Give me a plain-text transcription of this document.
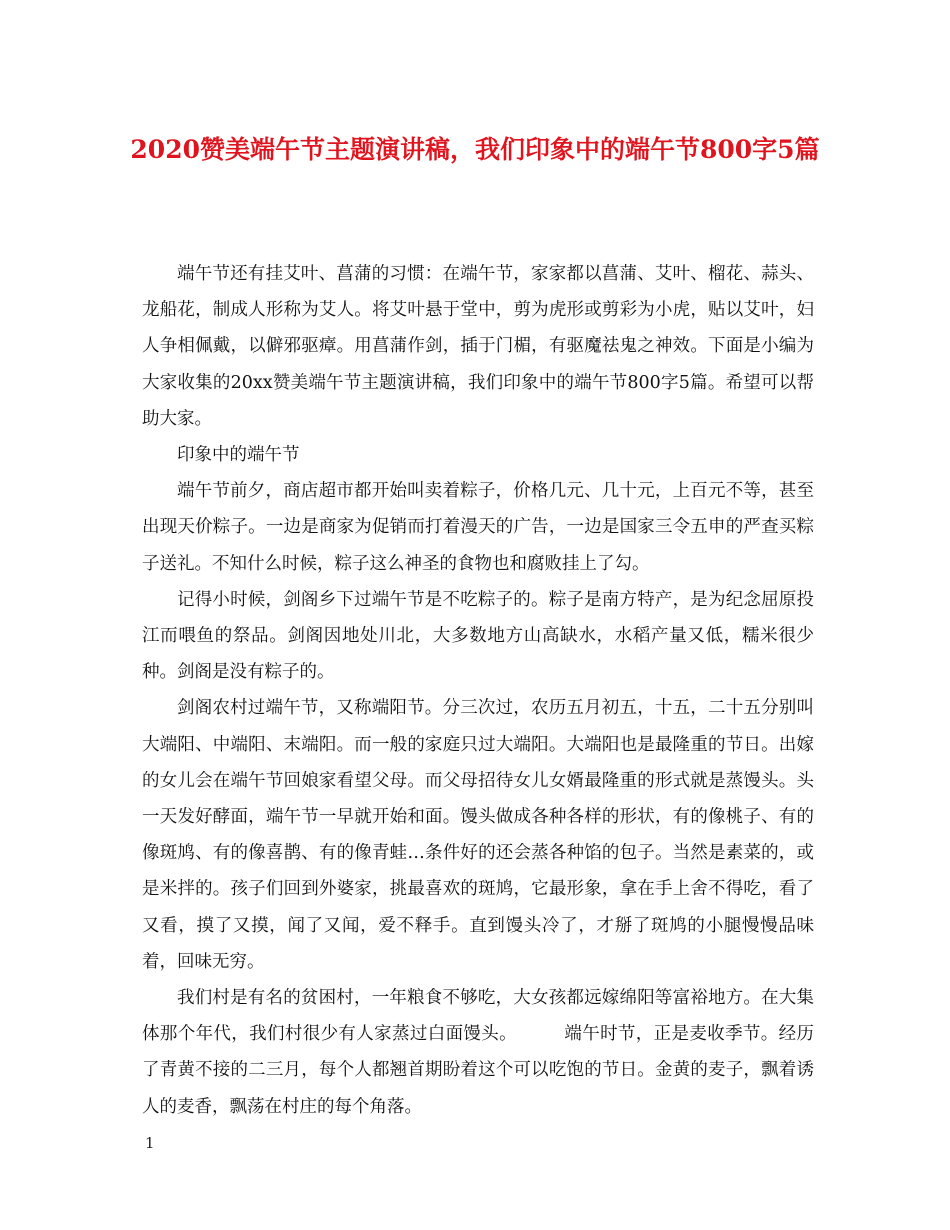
2020赞美端午节主题演讲稿，我们印象中的端午节800字5篇

端午节还有挂艾叶、菖蒲的习惯：在端午节，家家都以菖蒲、艾叶、榴花、蒜头、龙船花，制成人形称为艾人。将艾叶悬于堂中，剪为虎形或剪彩为小虎，贴以艾叶，妇人争相佩戴，以僻邪驱瘴。用菖蒲作剑，插于门楣，有驱魔祛鬼之神效。下面是小编为大家收集的20xx赞美端午节主题演讲稿，我们印象中的端午节800字5篇。希望可以帮助大家。

印象中的端午节

端午节前夕，商店超市都开始叫卖着粽子，价格几元、几十元，上百元不等，甚至出现天价粽子。一边是商家为促销而打着漫天的广告，一边是国家三令五申的严查买粽子送礼。不知什么时候，粽子这么神圣的食物也和腐败挂上了勾。

记得小时候，剑阁乡下过端午节是不吃粽子的。粽子是南方特产，是为纪念屈原投江而喂鱼的祭品。剑阁因地处川北，大多数地方山高缺水，水稻产量又低，糯米很少种。剑阁是没有粽子的。

剑阁农村过端午节，又称端阳节。分三次过，农历五月初五，十五，二十五分别叫大端阳、中端阳、末端阳。而一般的家庭只过大端阳。大端阳也是最隆重的节日。出嫁的女儿会在端午节回娘家看望父母。而父母招待女儿女婿最隆重的形式就是蒸馒头。头一天发好酵面，端午节一早就开始和面。馒头做成各种各样的形状，有的像桃子、有的像斑鸠、有的像喜鹊、有的像青蛙…条件好的还会蒸各种馅的包子。当然是素菜的，或是米拌的。孩子们回到外婆家，挑最喜欢的斑鸠，它最形象，拿在手上舍不得吃，看了又看，摸了又摸，闻了又闻，爱不释手。直到馒头冷了，才掰了斑鸠的小腿慢慢品味着，回味无穷。

我们村是有名的贫困村，一年粮食不够吃，大女孩都远嫁绵阳等富裕地方。在大集体那个年代，我们村很少有人家蒸过白面馒头。        端午时节，正是麦收季节。经历了青黄不接的二三月，每个人都翘首期盼着这个可以吃饱的节日。金黄的麦子，飘着诱人的麦香，飘荡在村庄的每个角落。

1
